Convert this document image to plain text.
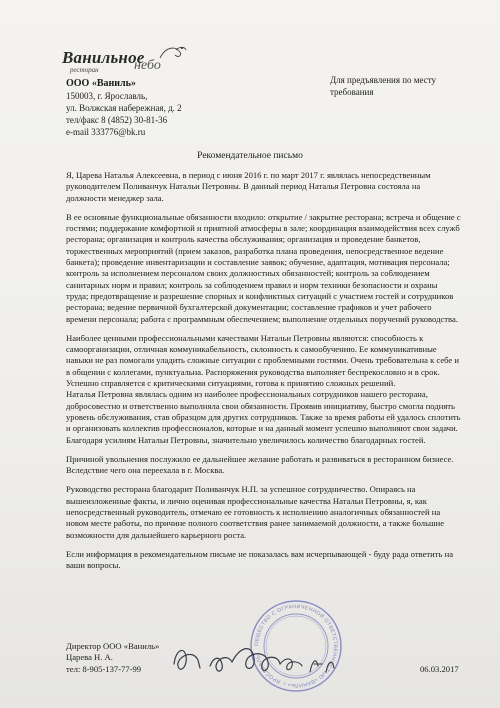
Ванильное
небо
ресторан
ООО «Ваниль»
150003, г. Ярославль,
ул. Волжская набережная, д. 2
тел/факс 8 (4852) 30-81-36
e-mail 333776@bk.ru
Для предъявления по месту
требования
Рекомендательное письмо

Я, Царева Наталья Алексеевна, в период с июня 2016 г. по март 2017 г. являлась непосредственным руководителем Поливанчук Натальи Петровны. В данный период Наталья Петровна состояла на должности менеджер зала.

В ее основные функциональные обязанности входило: открытие / закрытие ресторана; встреча и общение с гостями; поддержание комфортной и приятной атмосферы в зале; координация взаимодействия всех служб ресторана; организация и контроль качества обслуживания; организация и проведение банкетов, торжественных мероприятий (прием заказов, разработка плана проведения, непосредственное ведение банкета); проведение инвентаризации и составление заявок; обучение, адаптация, мотивация персонала; контроль за исполнением персоналом своих должностных обязанностей; контроль за соблюдением санитарных норм и правил; контроль за соблюдением правил и норм техники безопасности и охраны труда; предотвращение и разрешение спорных и конфликтных ситуаций с участием гостей и сотрудников ресторана; ведение первичной бухгалтерской документации; составление графиков и учет рабочего времени персонала; работа с программным обеспечением; выполнение отдельных поручений руководства.

Наиболее ценными профессиональными качествами Натальи Петровны являются: способность к самоорганизации, отличная коммуникабельность, склонность к самообучению. Ее коммуникативные навыки не раз помогали уладить сложные ситуации с проблемными гостями. Очень требовательна к себе и в общении с коллегами, пунктуальна. Распоряжения руководства выполняет беспрекословно и в срок. Успешно справляется с критическими ситуациями, готова к принятию сложных решений.

Наталья Петровна являлась одним из наиболее профессиональных сотрудников нашего ресторана, добросовестно и ответственно выполняла свои обязанности. Проявив инициативу, быстро смогла поднять уровень обслуживания, став образцом для других сотрудников. Также за время работы ей удалось сплотить и организовать коллектив профессионалов, которые и на данный момент успешно выполняют свои задачи. Благодаря усилиям Натальи Петровны, значительно увеличилось количество благодарных гостей.

Причиной увольнения послужило ее дальнейшее желание работать и развиваться в ресторанном бизнесе. Вследствие чего она переехала в г. Москва.

Руководство ресторана благодарит Поливанчук Н.П. за успешное сотрудничество. Опираясь на вышеизложенные факты, и лично оценивая профессиональные качества Натальи Петровны, я, как непосредственный руководитель, отмечаю ее готовность к исполнению аналогичных обязанностей на новом месте работы, по причине полного соответствия ранее занимаемой должности, а также большие возможности для дальнейшего карьерного роста.

Если информация в рекомендательном письме не показалась вам исчерпывающей - буду рада ответить на ваши вопросы.

ОБЩЕСТВО С ОГРАНИЧЕННОЙ ОТВЕТСТВЕННОСТЬЮ «ВАНИЛЬ» г. ЯРОСЛАВЛЬ
Директор ООО «Ваниль»
Царева Н. А.
тел: 8-905-137-77-99	06.03.2017
